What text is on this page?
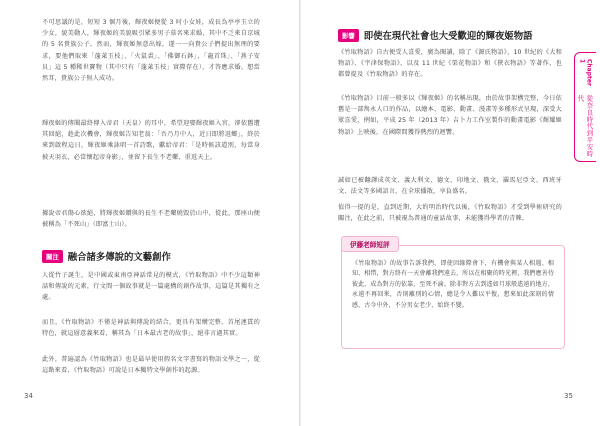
不可思議的是，短短 3 個月後，輝夜姬便從 3 吋小女娃，成長為亭亭玉立的少女，貌美動人，輝夜姬的美貌吸引眾多男子慕名來求婚，其中不乏來自京城的 5 名貴族公子。然而，輝夜姬無意出嫁，遂一一向貴公子們提出無理的要求，要他們取來「蓬萊玉枝」、「火鼠裘」、「佛御石鉢」、「龍首珠」、「燕子安貝」這 5 種稀世寶物（其中只有「蓬萊玉枝」實際存在），才答應求婚。想當然耳，貴族公子無人成功。

輝夜姬的傳聞最終傳入帝君（天皇）的耳中，希望迎娶輝夜姬入宮，卻依舊遭其回絕，趁此次機會，輝夜姬告知老翁：「吾乃月中人，近日即將返鄉」，終於來到啟程這日，輝夜姬乘詠唱一首詩歌，獻給帝君：「是時候該道別，每當身披天羽衣，必當懷起帝身影」，並留下長生不老藥，重返天上。

據說帝君傷心欲絕，將輝夜姬贈與的長生不老藥燒毀於山中，從此，那座山便被稱為「不死山」（即富士山）。

關注 融合諸多傳說的文藝創作

人從竹子誕生，是中國或東南亞神話常見的模式，《竹取物語》中不少這類神話和傳說的元素，行文間一個故事就是一篇處構的創作故事，這篇是其獨有之處。

而且，《竹取物語》不僅是神話與傳說的結合，更具有架構完整、首尾連貫的特色，就這層意義來看，稱其為「日本最古老的故事」，絕非言過其實。

此外，普遍認為《竹取物語》也是最早使用假名文字書寫的物語文學之一，從這點來看，《竹取物語》可說是日本獨特文學創作的起源。

34
影響 即使在現代社會也大受歡迎的輝夜姬物語

《竹取物語》自古便受人喜愛，廣為閱讀，除了《源氏物語》，10 世紀的《大和物語》、《宇津保物語》，以及 11 世紀《榮花物語》和《狹衣物語》等著作，也都曾提及《竹取物語》的存在。

《竹取物語》目前一般多以《輝夜姬》的名稱出現，由於故事架構完整，今日依舊是一部雋永人口的作品，以繪本、電影、動畫、漫畫等多種形式呈現，深受大眾喜愛，例如，平成 25 年（2013 年）吉卜力工作室製作的動畫電影《輝耀姬物語》上映後，在國際間獲得熱烈的迴響。

誠如已被翻譯成英文、義大利文、德文、印地文、俄文、羅馬尼亞文、西班牙文、法文等多國語言，在全球播散，享負盛名。

值得一提的是，直到近期，大約明治時代以後，《竹取物語》才受到學術研究的關注，在此之前，只被視為普通的童話故事，未能獲得學者的青睞。

35
伊藤老師短評

《竹取物語》的故事告訴我們，即使因緣際會下，有機會與某人相遇、相知、相惜，對方終有一天會離我們遠去，所以在相聚的時光裡，我們應善待彼此，成為對方的依靠，至死不渝。除非對方去到遙如月球般遙遠的地方，永遠不再回來，否則離別的心情，總是令人難以平復，想來如此深刻的情感，古今中外，不分男女老少，始終不變。

Chapter 1
從奈良時代到平安時代
